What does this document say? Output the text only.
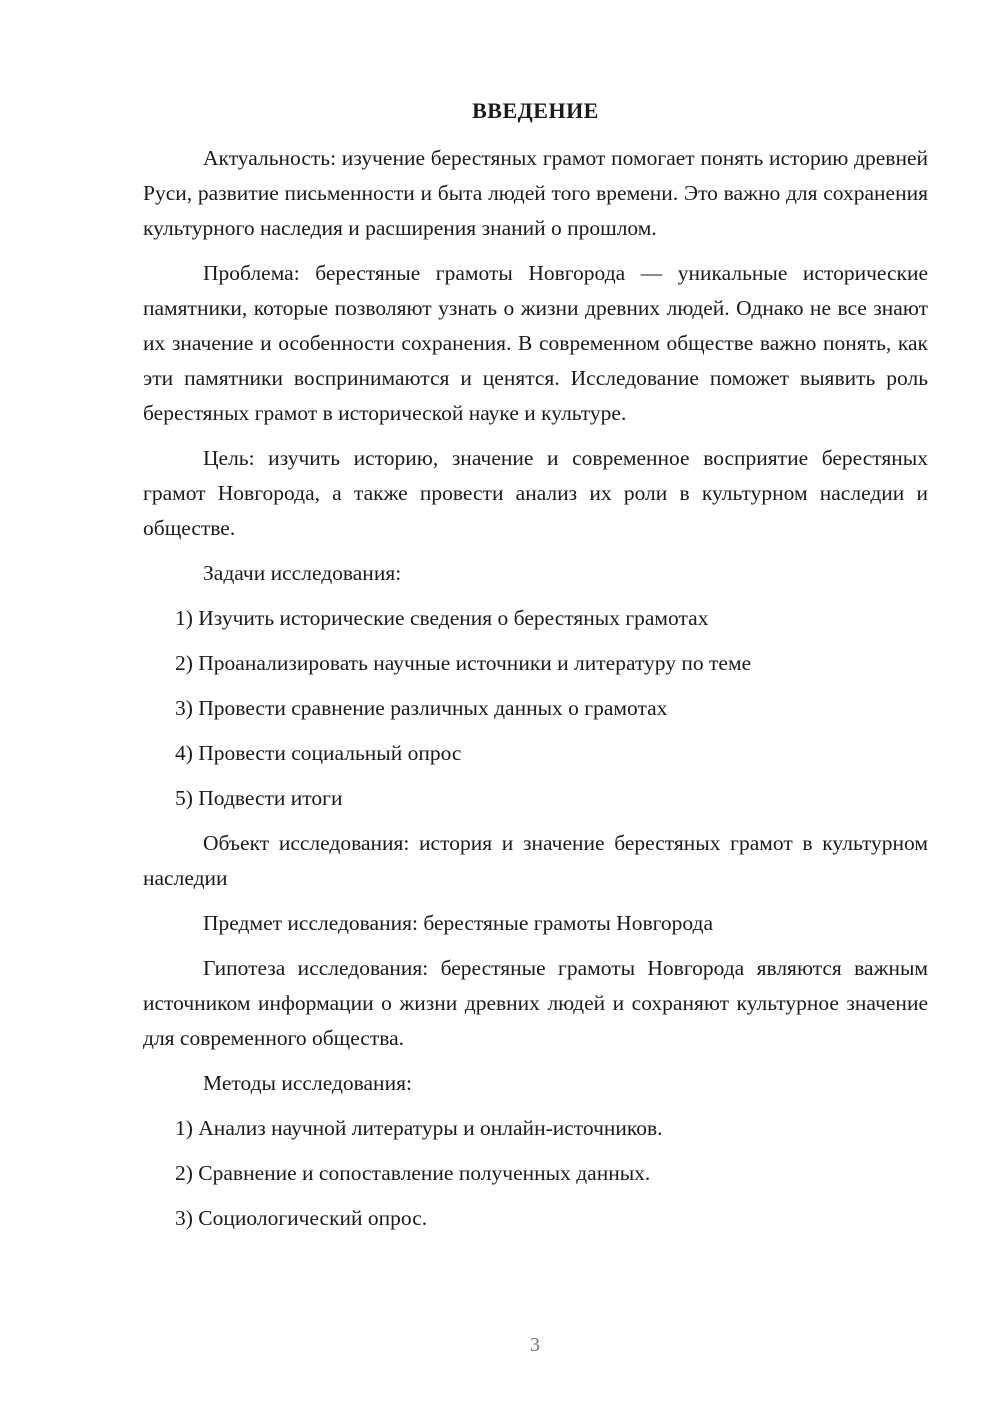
ВВЕДЕНИЕ

Актуальность: изучение берестяных грамот помогает понять историю древней Руси, развитие письменности и быта людей того времени. Это важно для сохранения культурного наследия и расширения знаний о прошлом.

Проблема: берестяные грамоты Новгорода — уникальные исторические памятники, которые позволяют узнать о жизни древних людей. Однако не все знают их значение и особенности сохранения. В современном обществе важно понять, как эти памятники воспринимаются и ценятся. Исследование поможет выявить роль берестяных грамот в исторической науке и культуре.

Цель: изучить историю, значение и современное восприятие берестяных грамот Новгорода, а также провести анализ их роли в культурном наследии и обществе.

Задачи исследования:

1) Изучить исторические сведения о берестяных грамотах

2) Проанализировать научные источники и литературу по теме

3) Провести сравнение различных данных о грамотах

4) Провести социальный опрос

5) Подвести итоги

Объект исследования: история и значение берестяных грамот в культурном наследии

Предмет исследования: берестяные грамоты Новгорода

Гипотеза исследования: берестяные грамоты Новгорода являются важным источником информации о жизни древних людей и сохраняют культурное значение для современного общества.

Методы исследования:

1) Анализ научной литературы и онлайн-источников.

2) Сравнение и сопоставление полученных данных.

3) Социологический опрос.

3
